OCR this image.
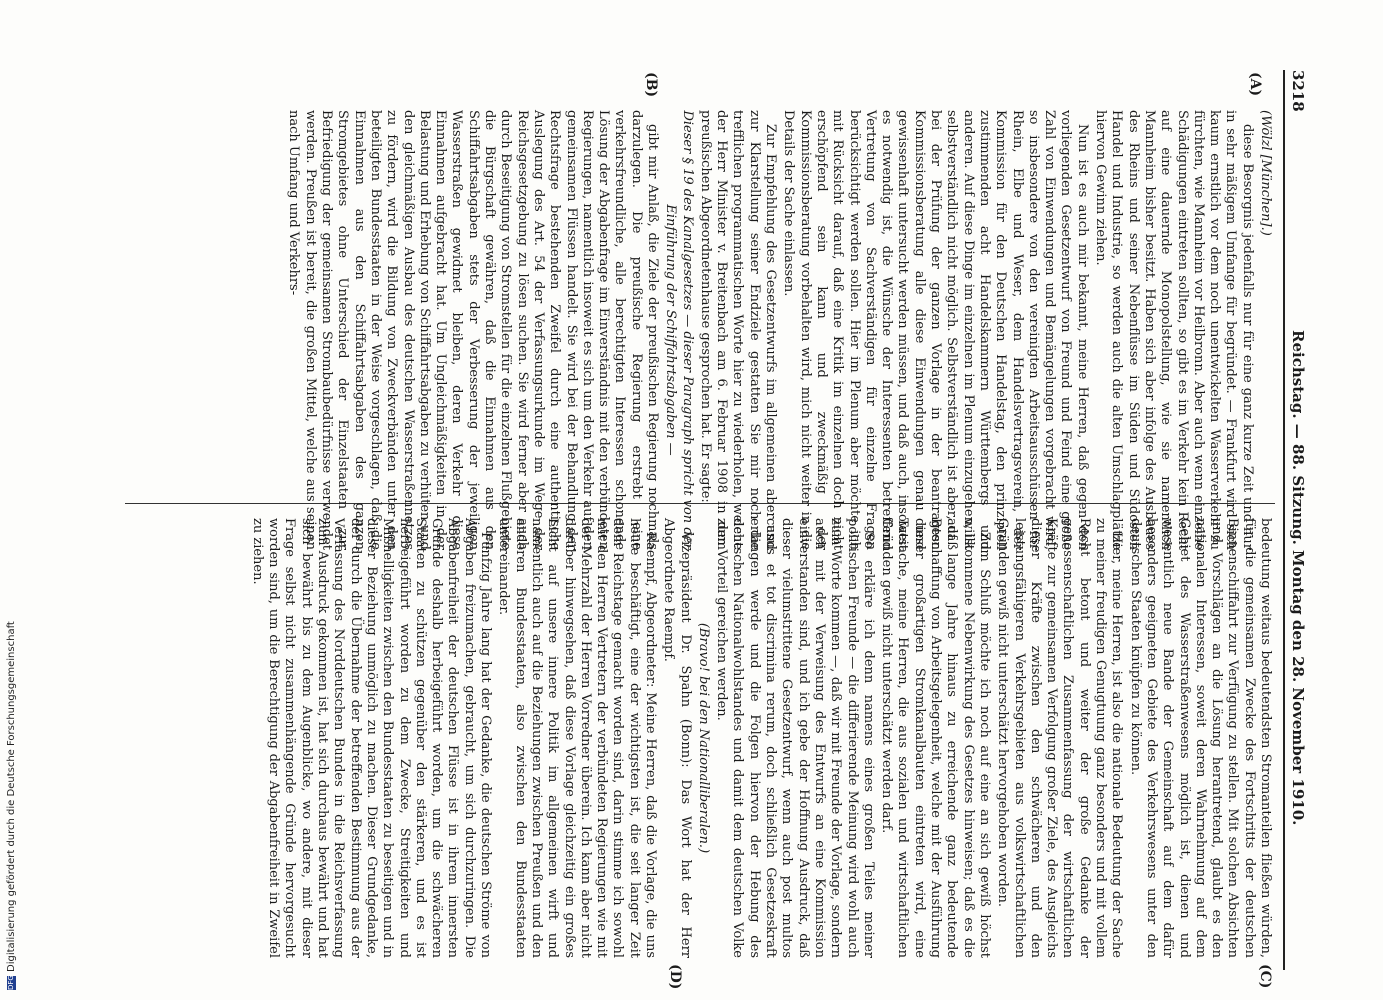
3218
Reichstag. — 88. Sitzung. Montag den 28. November 1910.
(A)
(B)
(C)
(D)

(Wölzl [München].)

diese Besorgnis jedenfalls nur für eine ganz kurze Zeit und nur in sehr mäßigem Umfange für begründet. — Frankfurt wird sich kaum ernstlich vor dem noch unentwickelten Wasserverkehr zu fürchten, wie Mannheim vor Heilbronn. Aber auch wenn einzelne Schädigungen eintreten sollten, so gibt es im Verkehr kein Recht auf eine dauernde Monopolstellung, wie sie namentlich Mannheim bisher besitzt. Haben sich aber infolge des Ausbaues des Rheins und seiner Nebenflüsse im Süden und Südosten Handel und Industrie, so werden auch die alten Umschlagplätze hiervon Gewinn ziehen.

Nun ist es auch mir bekannt, meine Herren, daß gegen den vorliegenden Gesetzentwurf von Freund und Feind eine große Zahl von Einwendungen und Bemängelungen vorgebracht wird, so insbesondere von den vereinigten Arbeitsausschüssen für Rhein, Elbe und Weser, dem Handelsvertragsverein, der Kommission für den Deutschen Handelstag, den prinzipiell zustimmenden acht Handelskammern Württembergs und anderen. Auf diese Dinge im einzelnen im Plenum einzugehen, ist selbstverständlich nicht möglich. Selbstverständlich ist aber, daß bei der Prüfung der ganzen Vorlage in der beantragten Kommissionsberatung alle diese Einwendungen genau und gewissenhaft untersucht werden müssen, und daß auch, insoweit es notwendig ist, die Wünsche der Interessenten betreffend Vertretung von Sachverständigen für einzelne Fragen berücksichtigt werden sollen. Hier im Plenum aber möchte ich mit Rücksicht darauf, daß eine Kritik im einzelnen doch nicht erschöpfend sein kann und zweckmäßig der Kommissionsberatung vorbehalten wird, mich nicht weiter in die Details der Sache einlassen.

Zur Empfehlung des Gesetzentwurfs im allgemeinen aber und zur Klarstellung seiner Endziele gestatten Sie mir noch die trefflichen programmatischen Worte hier zu wiederholen, welche der Herr Minister v. Breitenbach am 6. Februar 1908 in dem preußischen Abgeordnetenhause gesprochen hat. Er sagte:

Dieser § 19 des Kanalgesetzes — dieser Paragraph spricht von der Einführung der Schiffahrtsabgaben —

gibt mir Anlaß, die Ziele der preußischen Regierung nochmals darzulegen. Die preußische Regierung erstrebt eine verkehrsfreundliche, alle berechtigten Interessen schonende Lösung der Abgabenfrage im Einverständnis mit den verbündeten Regierungen, namentlich insoweit es sich um den Verkehr auf den gemeinsamen Flüssen handelt. Sie wird bei der Behandlung der Rechtsfrage bestehenden Zweifel durch eine authentische Auslegung des Art. 54 der Verfassungsurkunde im Wege der Reichsgesetzgebung zu lösen suchen. Sie wird ferner aber auch durch Beseitigung von Stromstellen für die einzelnen Flußgebiete die Bürgschaft gewähren, daß die Einnahmen aus den Schiffahrtsabgaben stets der Verbesserung der jeweiligen Wasserstraßen gewidmet bleiben, deren Verkehr diese Einnahmen aufgebracht hat. Um Ungleichmäßigkeiten in der Belastung und Erhebung von Schiffahrtsabgaben zu verhüten und den gleichmäßigen Ausbau des deutschen Wasserstraßennetzes zu fördern, wird die Bildung von Zweckverbänden unter den beteiligten Bundesstaaten in der Weise vorgeschlagen, daß die Einnahmen aus den Schiffahrtsabgaben des ganzen Stromgebietes ohne Unterschied der Einzelstaaten zur Befriedigung der gemeinsamen Strombaubedürfnisse verwendet werden. Preußen ist bereit, die großen Mittel, welche aus seinen nach Umfang und Verkehrs-

bedeutung weitaus bedeutendsten Stromanteilen fließen würden, für die gemeinsamen Zwecke des Fortschritts der deutschen Binnenschiffahrt zur Verfügung zu stellen. Mit solchen Absichten und Vorschlägen an die Lösung herantretend, glaubt es den nationalen Interessen, soweit deren Wahrnehmung auf dem Gebiet des Wasserstraßenwesens möglich ist, dienen und wesentlich neue Bande der Gemeinschaft auf dem dafür besonders geeigneten Gebiete des Verkehrswesens unter den deutschen Staaten knüpfen zu können.

Hier, meine Herren, ist also die nationale Bedeutung der Sache zu meiner freudigen Genugtuung ganz besonders und mit vollem Recht betont und weiter der große Gedanke der genossenschaftlichen Zusammenfassung der wirtschaftlichen Kräfte zur gemeinsamen Verfolgung großer Ziele, des Ausgleichs dieser Kräfte zwischen den schwächeren und den leistungsfähigeren Verkehrsgebieten aus volkswirtschaftlichen Gründen gewiß nicht unterschätzt hervorgehoben worden.

Zum Schluß möchte ich noch auf eine an sich gewiß höchst willkommene Nebenwirkung des Gesetzes hinweisen; daß es die auf lange Jahre hinaus zu erreichende ganz bedeutende Beschaffung von Arbeitsgelegenheit, welche mit der Ausführung dieser großartigen Stromkanalbauten eintreten wird, eine Tatsache, meine Herren, die aus sozialen und wirtschaftlichen Gründen gewiß nicht unterschätzt werden darf.

So erkläre ich denn namens eines großen Teiles meiner politischen Freunde — die differierende Meinung wird wohl auch zum Worte kommen —, daß wir mit Freunde der Vorlage, sondern auch mit der Verweisung des Entwurfs an eine Kommission einverstanden sind, und ich gebe der Hoffnung Ausdruck, daß dieser vielumstrittene Gesetzentwurf, wenn auch post multos casus et tot discrimina rerum, doch schließlich Gesetzeskraft erlangen werde und die Folgen hiervon der Hebung des deutschen Nationalwohlstandes und damit dem deutschen Volke zum Vorteil gereichen werden.

(Bravo! bei den Nationalliberalen.)

Vizepräsident Dr. Spahn (Bonn): Das Wort hat der Herr Abgeordnete Raempf.

Raempf, Abgeordneter: Meine Herren, daß die Vorlage, die uns heute beschäftigt, eine der wichtigsten ist, die seit langer Zeit dem Reichstage gemacht worden sind, darin stimme ich sowohl mit den Herren Vertretern der verbündeten Regierungen wie mit der Mehrzahl der Herren Vorredner überein. Ich kann aber nicht darüber hinwegsehen, daß diese Vorlage gleichzeitig ein großes Licht auf unsere innere Politik im allgemeinen wirft und namentlich auch auf die Beziehungen zwischen Preußen und den anderen Bundesstaaten, also zwischen den Bundesstaaten untereinander.

Fünfzig Jahre lang hat der Gedanke, die deutschen Ströme von Abgaben freizumachen, gebraucht, um sich durchzuringen. Die Abgabenfreiheit der deutschen Flüsse ist in ihrem innersten Grunde deshalb herbeigeführt worden, um die schwächeren Staaten zu schützen gegenüber den stärkeren, und es ist herbeigeführt worden zu dem Zwecke, Streitigkeiten und Mißhelligkeiten zwischen den Bundesstaaten zu beseitigen und in dieser Beziehung unmöglich zu machen. Dieser Grundgedanke, der durch die Übernahme der betreffenden Bestimmung aus der Verfassung des Norddeutschen Bundes in die Reichsverfassung zum Ausdruck gekommen ist, hat sich durchaus bewährt und hat sich bewährt bis zu dem Augenblicke, wo andere, mit dieser Frage selbst nicht zusammenhängende Gründe hervorgesucht worden sind, um die Berechtigung der Abgabenfreiheit in Zweifel zu ziehen.

DFGDigitalisierung gefördert durch die Deutsche Forschungsgemeinschaft
